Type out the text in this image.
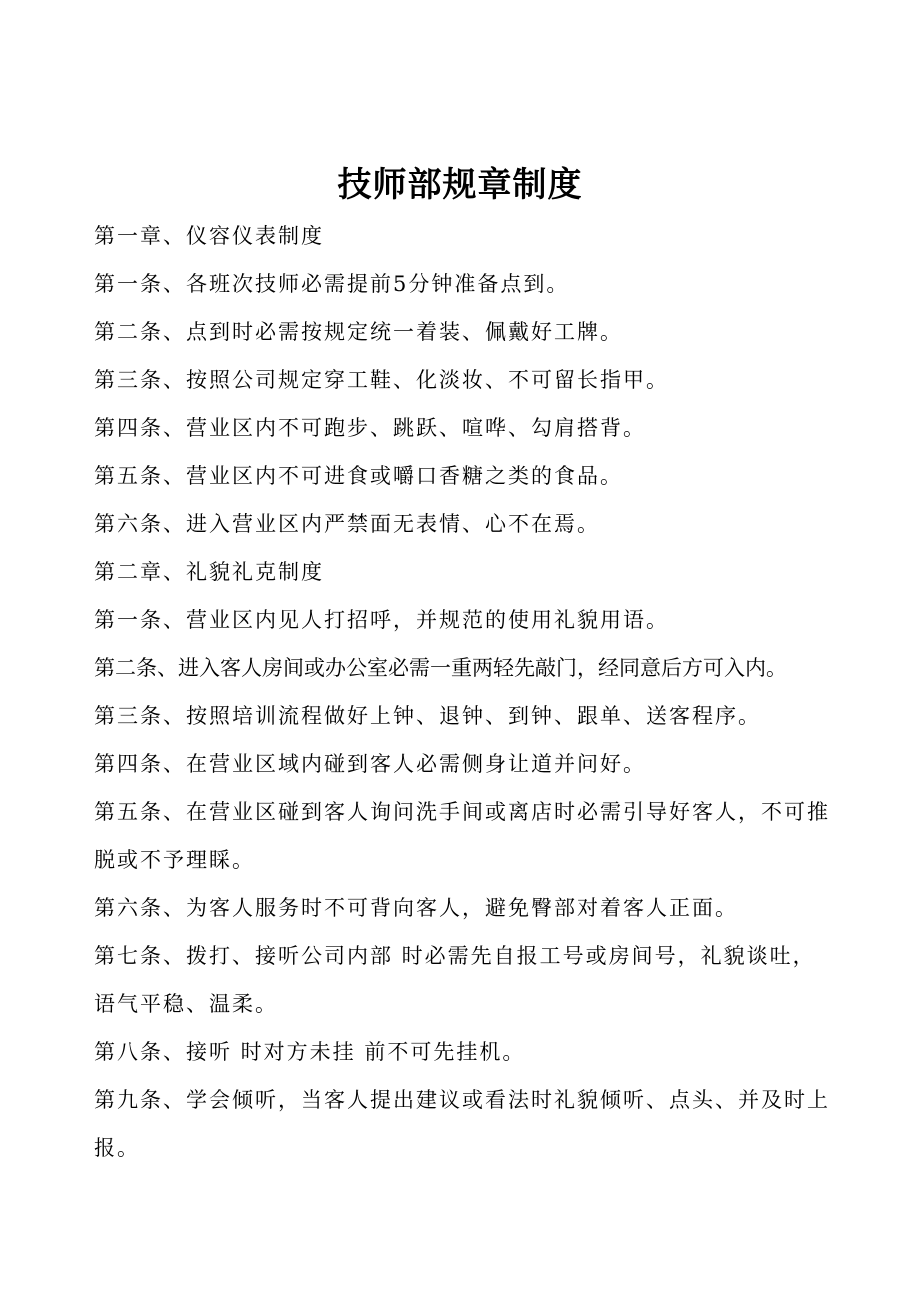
技师部规章制度
第一章、仪容仪表制度
第一条、各班次技师必需提前5分钟准备点到。
第二条、点到时必需按规定统一着装、佩戴好工牌。
第三条、按照公司规定穿工鞋、化淡妆、不可留长指甲。
第四条、营业区内不可跑步、跳跃、喧哗、勾肩搭背。
第五条、营业区内不可进食或嚼口香糖之类的食品。
第六条、进入营业区内严禁面无表情、心不在焉。
第二章、礼貌礼克制度
第一条、营业区内见人打招呼，并规范的使用礼貌用语。
第二条、进入客人房间或办公室必需一重两轻先敲门，经同意后方可入内。
第三条、按照培训流程做好上钟、退钟、到钟、跟单、送客程序。
第四条、在营业区域内碰到客人必需侧身让道并问好。
第五条、在营业区碰到客人询问洗手间或离店时必需引导好客人，不可推
脱或不予理睬。
第六条、为客人服务时不可背向客人，避免臀部对着客人正面。
第七条、拨打、接听公司内部 时必需先自报工号或房间号，礼貌谈吐，
语气平稳、温柔。
第八条、接听 时对方未挂 前不可先挂机。
第九条、学会倾听，当客人提出建议或看法时礼貌倾听、点头、并及时上
报。
